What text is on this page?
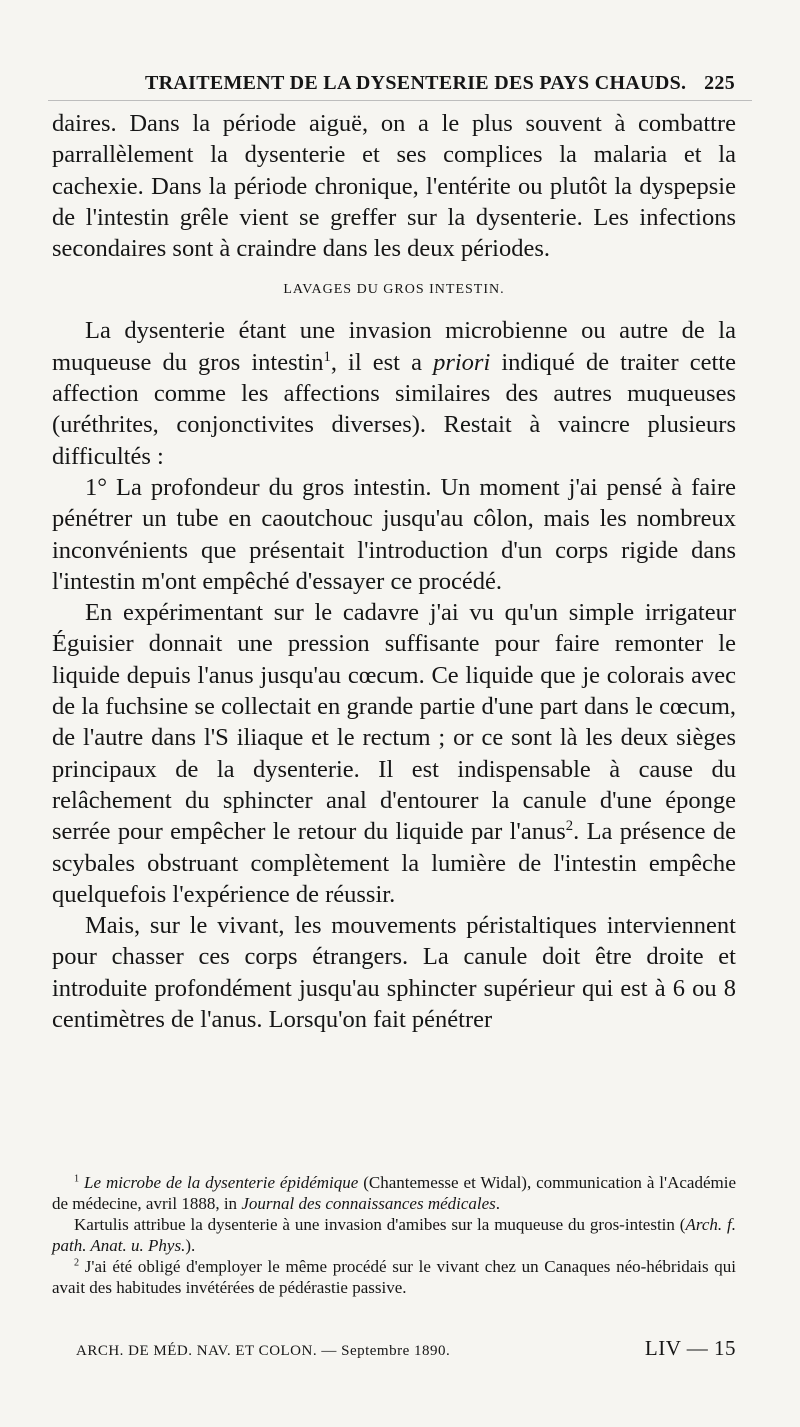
TRAITEMENT DE LA DYSENTERIE DES PAYS CHAUDS. 225

daires. Dans la période aiguë, on a le plus souvent à combattre parrallèlement la dysenterie et ses complices la malaria et la cachexie. Dans la période chronique, l'entérite ou plutôt la dyspepsie de l'intestin grêle vient se greffer sur la dysenterie. Les infections secondaires sont à craindre dans les deux périodes.

LAVAGES DU GROS INTESTIN.

La dysenterie étant une invasion microbienne ou autre de la muqueuse du gros intestin$^1$, il est a priori indiqué de traiter cette affection comme les affections similaires des autres muqueuses (uréthrites, conjonctivites diverses). Restait à vaincre plusieurs difficultés :

1° La profondeur du gros intestin. Un moment j'ai pensé à faire pénétrer un tube en caoutchouc jusqu'au côlon, mais les nombreux inconvénients que présentait l'introduction d'un corps rigide dans l'intestin m'ont empêché d'essayer ce procédé.

En expérimentant sur le cadavre j'ai vu qu'un simple irrigateur Éguisier donnait une pression suffisante pour faire remonter le liquide depuis l'anus jusqu'au cœcum. Ce liquide que je colorais avec de la fuchsine se collectait en grande partie d'une part dans le cœcum, de l'autre dans l'S iliaque et le rectum ; or ce sont là les deux sièges principaux de la dysenterie. Il est indispensable à cause du relâchement du sphincter anal d'entourer la canule d'une éponge serrée pour empêcher le retour du liquide par l'anus$^2$. La présence de scybales obstruant complètement la lumière de l'intestin empêche quelquefois l'expérience de réussir.

Mais, sur le vivant, les mouvements péristaltiques interviennent pour chasser ces corps étrangers. La canule doit être droite et introduite profondément jusqu'au sphincter supérieur qui est à 6 ou 8 centimètres de l'anus. Lorsqu'on fait pénétrer

$^1$ Le microbe de la dysenterie épidémique (Chantemesse et Widal), communication à l'Académie de médecine, avril 1888, in Journal des connaissances médicales.

Kartulis attribue la dysenterie à une invasion d'amibes sur la muqueuse du gros-intestin (Arch. f. path. Anat. u. Phys.).

$^2$ J'ai été obligé d'employer le même procédé sur le vivant chez un Canaques néo-hébridais qui avait des habitudes invétérées de pédérastie passive.

ARCH. DE MÉD. NAV. ET COLON. — Septembre 1890.	LIV — 15
